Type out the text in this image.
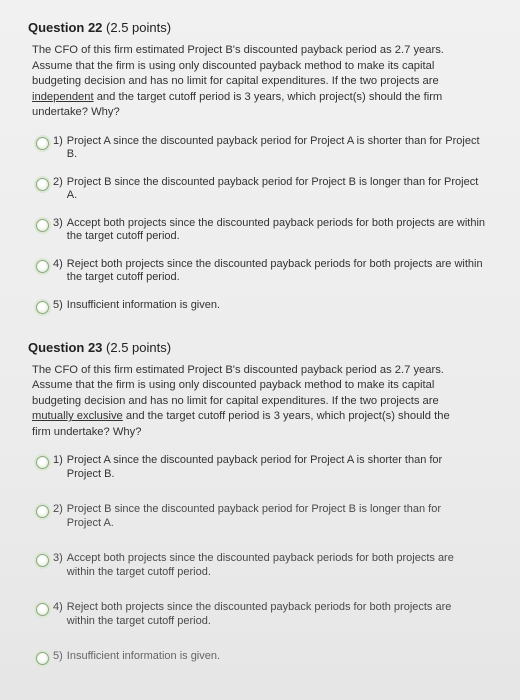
Question 22 (2.5 points)
The CFO of this firm estimated Project B's discounted payback period as 2.7 years. Assume that the firm is using only discounted payback method to make its capital budgeting decision and has no limit for capital expenditures. If the two projects are independent and the target cutoff period is 3 years, which project(s) should the firm undertake? Why?
1) Project A since the discounted payback period for Project A is shorter than for Project B.
2) Project B since the discounted payback period for Project B is longer than for Project A.
3) Accept both projects since the discounted payback periods for both projects are within the target cutoff period.
4) Reject both projects since the discounted payback periods for both projects are within the target cutoff period.
5) Insufficient information is given.
Question 23 (2.5 points)
The CFO of this firm estimated Project B's discounted payback period as 2.7 years. Assume that the firm is using only discounted payback method to make its capital budgeting decision and has no limit for capital expenditures. If the two projects are mutually exclusive and the target cutoff period is 3 years, which project(s) should the firm undertake? Why?
1) Project A since the discounted payback period for Project A is shorter than for Project B.
2) Project B since the discounted payback period for Project B is longer than for Project A.
3) Accept both projects since the discounted payback periods for both projects are within the target cutoff period.
4) Reject both projects since the discounted payback periods for both projects are within the target cutoff period.
5) Insufficient information is given.
